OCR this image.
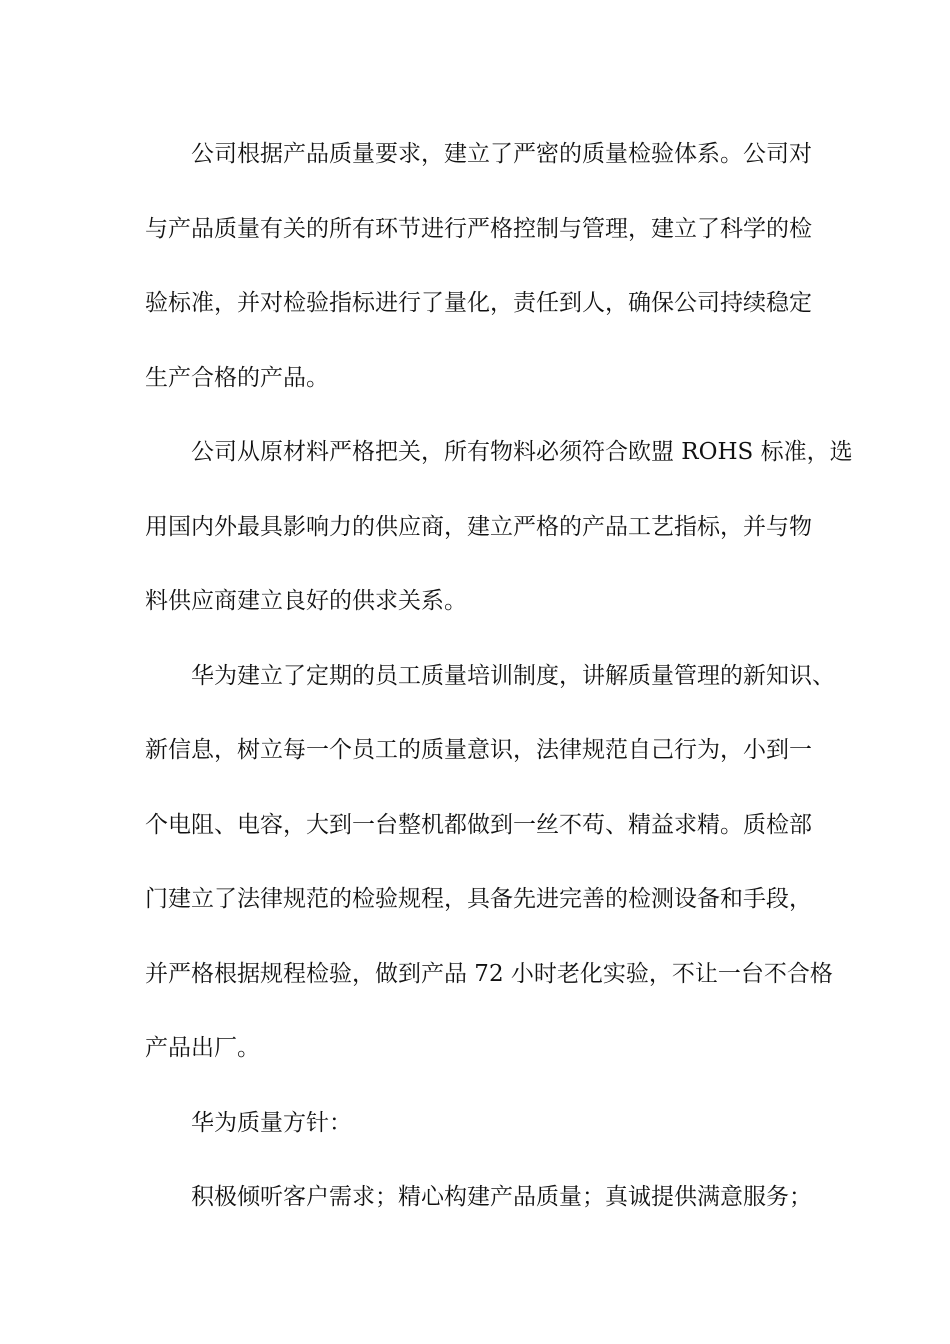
公司根据产品质量要求，建立了严密的质量检验体系。公司对
与产品质量有关的所有环节进行严格控制与管理，建立了科学的检
验标准，并对检验指标进行了量化，责任到人，确保公司持续稳定
生产合格的产品。
公司从原材料严格把关，所有物料必须符合欧盟 ROHS 标准，选
用国内外最具影响力的供应商，建立严格的产品工艺指标，并与物
料供应商建立良好的供求关系。
华为建立了定期的员工质量培训制度，讲解质量管理的新知识、
新信息，树立每一个员工的质量意识，法律规范自己行为，小到一
个电阻、电容，大到一台整机都做到一丝不苟、精益求精。质检部
门建立了法律规范的检验规程，具备先进完善的检测设备和手段，
并严格根据规程检验，做到产品 72 小时老化实验，不让一台不合格
产品出厂。
华为质量方针：
积极倾听客户需求；精心构建产品质量；真诚提供满意服务；
